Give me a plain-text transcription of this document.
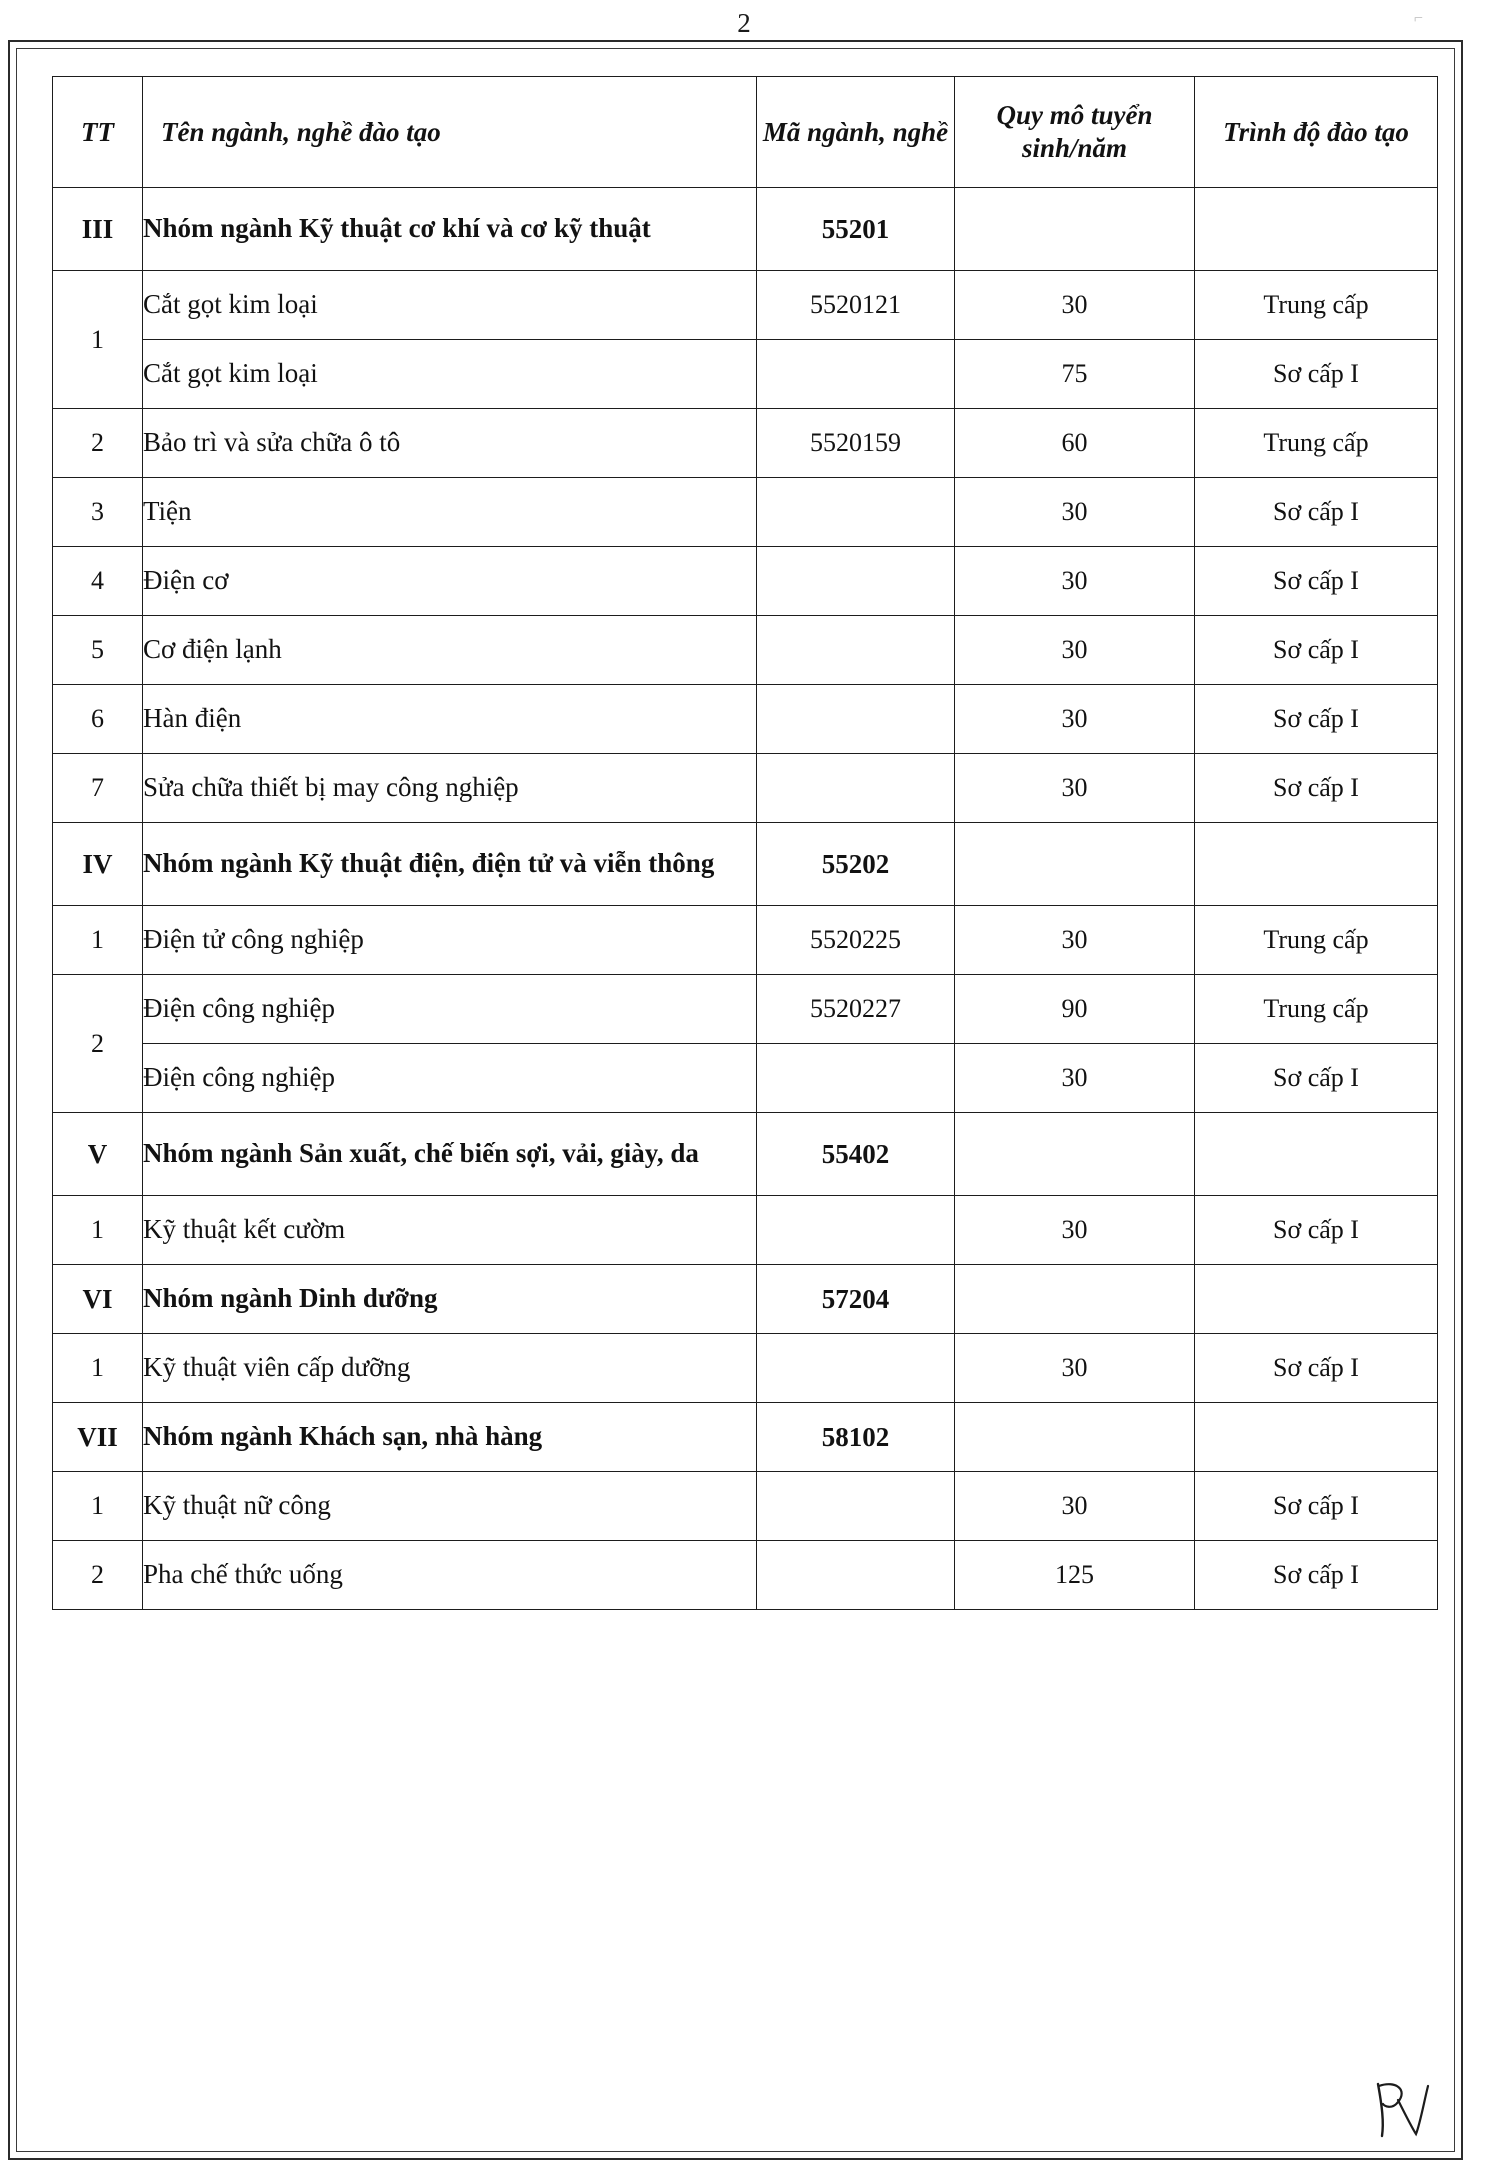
2	⌐
TT	Tên ngành, nghề đào tạo	Mã ngành, nghề	Quy mô tuyển sinh/năm	Trình độ đào tạo
III	Nhóm ngành Kỹ thuật cơ khí và cơ kỹ thuật	55201		
1	Cắt gọt kim loại	5520121	30	Trung cấp
	Cắt gọt kim loại		75	Sơ cấp I
2	Bảo trì và sửa chữa ô tô	5520159	60	Trung cấp
3	Tiện		30	Sơ cấp I
4	Điện cơ		30	Sơ cấp I
5	Cơ điện lạnh		30	Sơ cấp I
6	Hàn điện		30	Sơ cấp I
7	Sửa chữa thiết bị may công nghiệp		30	Sơ cấp I
IV	Nhóm ngành Kỹ thuật điện, điện tử và viễn thông	55202		
1	Điện tử công nghiệp	5520225	30	Trung cấp
2	Điện công nghiệp	5520227	90	Trung cấp
	Điện công nghiệp		30	Sơ cấp I
V	Nhóm ngành Sản xuất, chế biến sợi, vải, giày, da	55402		
1	Kỹ thuật kết cườm		30	Sơ cấp I
VI	Nhóm ngành Dinh dưỡng	57204		
1	Kỹ thuật viên cấp dưỡng		30	Sơ cấp I
VII	Nhóm ngành Khách sạn, nhà hàng	58102		
1	Kỹ thuật nữ công		30	Sơ cấp I
2	Pha chế thức uống		125	Sơ cấp I
